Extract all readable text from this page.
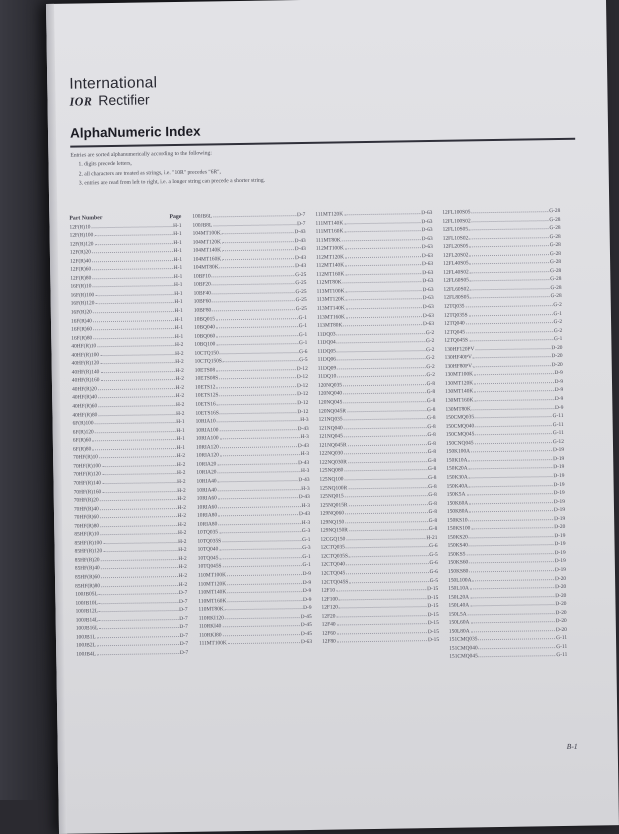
International
IOR Rectifier
AlphaNumeric Index

Entries are sorted alphanumerically according to the following:

1. digits precede letters,
2. all characters are treated as strings, i.e. "10R" precedes "6R",
3. entries are read from left to right, i.e. a longer string can precede a shorter string.
Part Number	Page
12F(R)10	H-1
12F(R)100	H-1
12F(R)120	H-1
12F(R)20	H-1
12F(R)40	H-1
12F(R)60	H-1
12F(R)80	H-1
16F(R)10	H-1
16F(R)100	H-1
16F(R)120	H-1
16F(R)20	H-1
16F(R)40	H-1
16F(R)60	H-1
16F(R)80	H-1
40HF(R)10	H-2
40HF(R)100	H-2
40HF(R)120	H-2
40HF(R)140	H-2
40HF(R)160	H-2
40HF(R)20	H-2
40HF(R)40	H-2
40HF(R)60	H-2
40HF(R)80	H-2
6F(R)100	H-1
6F(R)120	H-1
6F(R)60	H-1
6F(R)80	H-1
70HF(R)10	H-2
70HF(R)100	H-2
70HF(R)120	H-2
70HF(R)140	H-2
70HF(R)160	H-2
70HF(R)20	H-2
70HF(R)40	H-2
70HF(R)60	H-2
70HF(R)80	H-2
85HF(R)10	H-2
85HF(R)100	H-2
85HF(R)120	H-2
85HF(R)20	H-2
85HF(R)40	H-2
85HF(R)60	H-2
85HF(R)80	H-2
100JB05L	D-7
100JB10L	D-7
100JB12L	D-7
100JB14L	D-7
100JB16L	D-7
100JB1L	D-7
100JB2L	D-7
100JB4L	D-7
100JB6L	D-7
100JB8L	D-7
104MT100K	D-43
104MT120K	D-43
104MT140K	D-43
104MT160K	D-43
104MT80K	D-43
10BF10	G-25
10BF20	G-25
10BF40	G-25
10BF60	G-25
10BF80	G-25
10BQ015	G-1
10BQ040	G-1
10BQ060	G-1
10BQ100	G-1
10CTQ150	G-6
10CTQ150S	G-5
10ETS08	D-12
10ETS08S	D-12
10ETS12	D-12
10ETS12S	D-12
10ETS16	D-12
10ETS16S	D-12
10RIA10	H-3
10RIA100	D-43
10RIA100	H-3
10RIA120	D-43
10RIA120	H-3
10RIA20	D-43
10RIA20	H-3
10RIA40	D-43
10RIA40	H-3
10RIA60	D-43
10RIA60	H-3
10RIA80	D-43
10RIA80	H-3
10TQ035	G-3
10TQ035S	G-1
10TQ040	G-3
10TQ045	G-1
10TQ045S	G-1
110MT100K	D-9
110MT120K	D-9
110MT140K	D-9
110MT160K	D-9
110MT80K	D-9
110RKI120	D-45
110RKI40	D-45
110RKI80	D-45
111MT100K	D-63
111MT120K	D-63
111MT140K	D-63
111MT160K	D-63
111MT80K	D-63
112MT100K	D-63
112MT120K	D-63
112MT140K	D-63
112MT160K	D-63
112MT80K	D-63
113MT100K	D-63
113MT120K	D-63
113MT140K	D-63
113MT160K	D-63
113MT80K	D-63
11DQ03	G-2
11DQ04	G-2
11DQ05	G-2
11DQ06	G-2
11DQ09	G-2
11DQ10	G-2
120NQ035	G-8
120NQ040	G-8
120NQ045	G-8
120NQ045R	G-8
121NQ035	G-8
121NQ040	G-8
121NQ045	G-8
121NQ045R	G-8
122NQ030	G-8
122NQ030R	G-8
125NQ080	G-8
125NQ100	G-8
125NQ100R	G-8
125NQ015	G-8
125NQ015R	G-8
129NQ060	G-8
129NQ150	G-8
129NQ150R	G-8
12CGQ150	H-21
12CTQ035	G-6
12CTQ035S	G-5
12CTQ040	G-6
12CTQ045	G-6
12CTQ045S	G-5
12F10	D-15
12F100	D-15
12F120	D-15
12F20	D-15
12F40	D-15
12F60	D-15
12F80	D-15
12FL100S05	G-28
12FL100S02	G-28
12FL10S05	G-28
12FL10S02	G-28
12FL20S05	G-28
12FL20S02	G-28
12FL40S05	G-28
12FL40S02	G-28
12FL60S05	G-28
12FL60S02	G-28
12FL80S05	G-28
12TQ035	G-2
12TQ035S	G-1
12TQ040	G-2
12TQ045	G-2
12TQ045S	G-1
130HF120PV	D-20
130HF40PV	D-20
130HF80PV	D-20
130MT100K	D-9
130MT120K	D-9
130MT140K	D-9
130MT160K	D-9
130MT80K	D-9
150CMQ035	G-11
150CMQ040	G-11
150CMQ045	G-11
150CNQ045	G-12
150K100A	D-19
150K10A	D-19
150K20A	D-19
150K30A	D-19
150K40A	D-19
150K5A	D-19
150K60A	D-19
150K80A	D-19
150KS10	D-19
150KS100	D-20
150KS20	D-19
150KS40	D-19
150KS5	D-19
150KS60	D-19
150KS80	D-19
150L100A	D-20
150L10A	D-20
150L20A	D-20
150L40A	D-20
150L5A	D-20
150L60A	D-20
150L80A	D-20
151CMQ035	G-11
151CMQ040	G-11
151CMQ045	G-11
B-1
